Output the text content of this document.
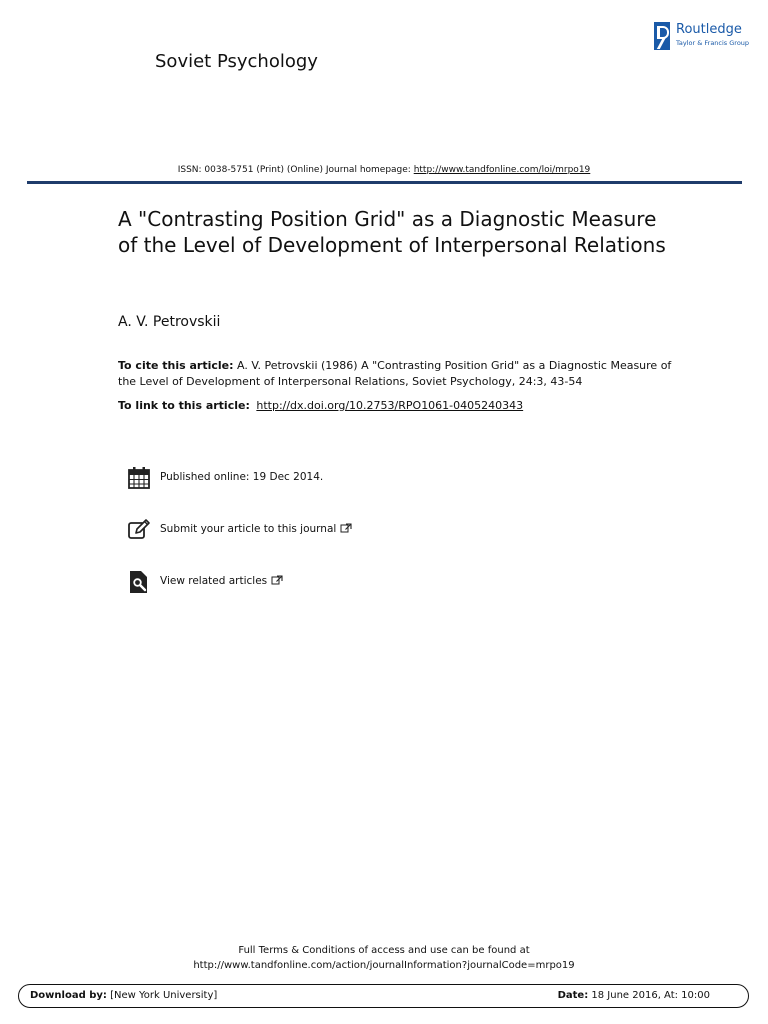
Soviet Psychology
Routledge
Taylor & Francis Group
ISSN: 0038-5751 (Print) (Online) Journal homepage: http://www.tandfonline.com/loi/mrpo19
A "Contrasting Position Grid" as a Diagnostic Measure of the Level of Development of Interpersonal Relations
A. V. Petrovskii
To cite this article: A. V. Petrovskii (1986) A "Contrasting Position Grid" as a Diagnostic Measure of the Level of Development of Interpersonal Relations, Soviet Psychology, 24:3, 43-54
To link to this article: http://dx.doi.org/10.2753/RPO1061-0405240343
Published online: 19 Dec 2014.
Submit your article to this journal
View related articles
Full Terms & Conditions of access and use can be found at
http://www.tandfonline.com/action/journalInformation?journalCode=mrpo19
Download by: [New York University]	Date: 18 June 2016, At: 10:00
